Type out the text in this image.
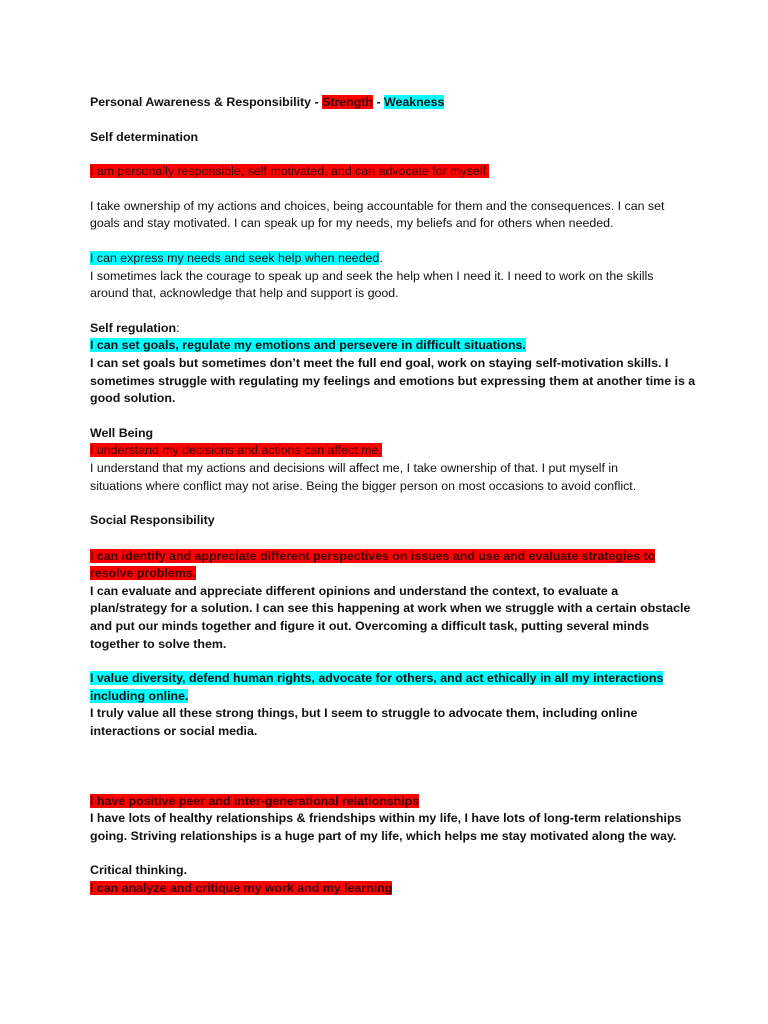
Personal Awareness & Responsibility - Strength - Weakness
Self determination
I am personally responsible, self motivated, and can advocate for myself.
I take ownership of my actions and choices, being accountable for them and the consequences. I can set
goals and stay motivated. I can speak up for my needs, my beliefs and for others when needed.
I can express my needs and seek help when needed.
I sometimes lack the courage to speak up and seek the help when I need it. I need to work on the skills
around that, acknowledge that help and support is good.
Self regulation:
I can set goals, regulate my emotions and persevere in difficult situations.
I can set goals but sometimes don’t meet the full end goal, work on staying self-motivation skills. I
sometimes struggle with regulating my feelings and emotions but expressing them at another time is a
good solution.
Well Being
I understand my decisions and actions can affect me.
I understand that my actions and decisions will affect me, I take ownership of that. I put myself in
situations where conflict may not arise. Being the bigger person on most occasions to avoid conflict.
Social Responsibility
I can identify and appreciate different perspectives on issues and use and evaluate strategies to
resolve problems.
I can evaluate and appreciate different opinions and understand the context, to evaluate a
plan/strategy for a solution. I can see this happening at work when we struggle with a certain obstacle
and put our minds together and figure it out. Overcoming a difficult task, putting several minds
together to solve them.
I value diversity, defend human rights, advocate for others, and act ethically in all my interactions
including online.
I truly value all these strong things, but I seem to struggle to advocate them, including online
interactions or social media.
I have positive peer and inter-generational relationships
I have lots of healthy relationships & friendships within my life, I have lots of long-term relationships
going. Striving relationships is a huge part of my life, which helps me stay motivated along the way.
Critical thinking.
I can analyze and critique my work and my learning
